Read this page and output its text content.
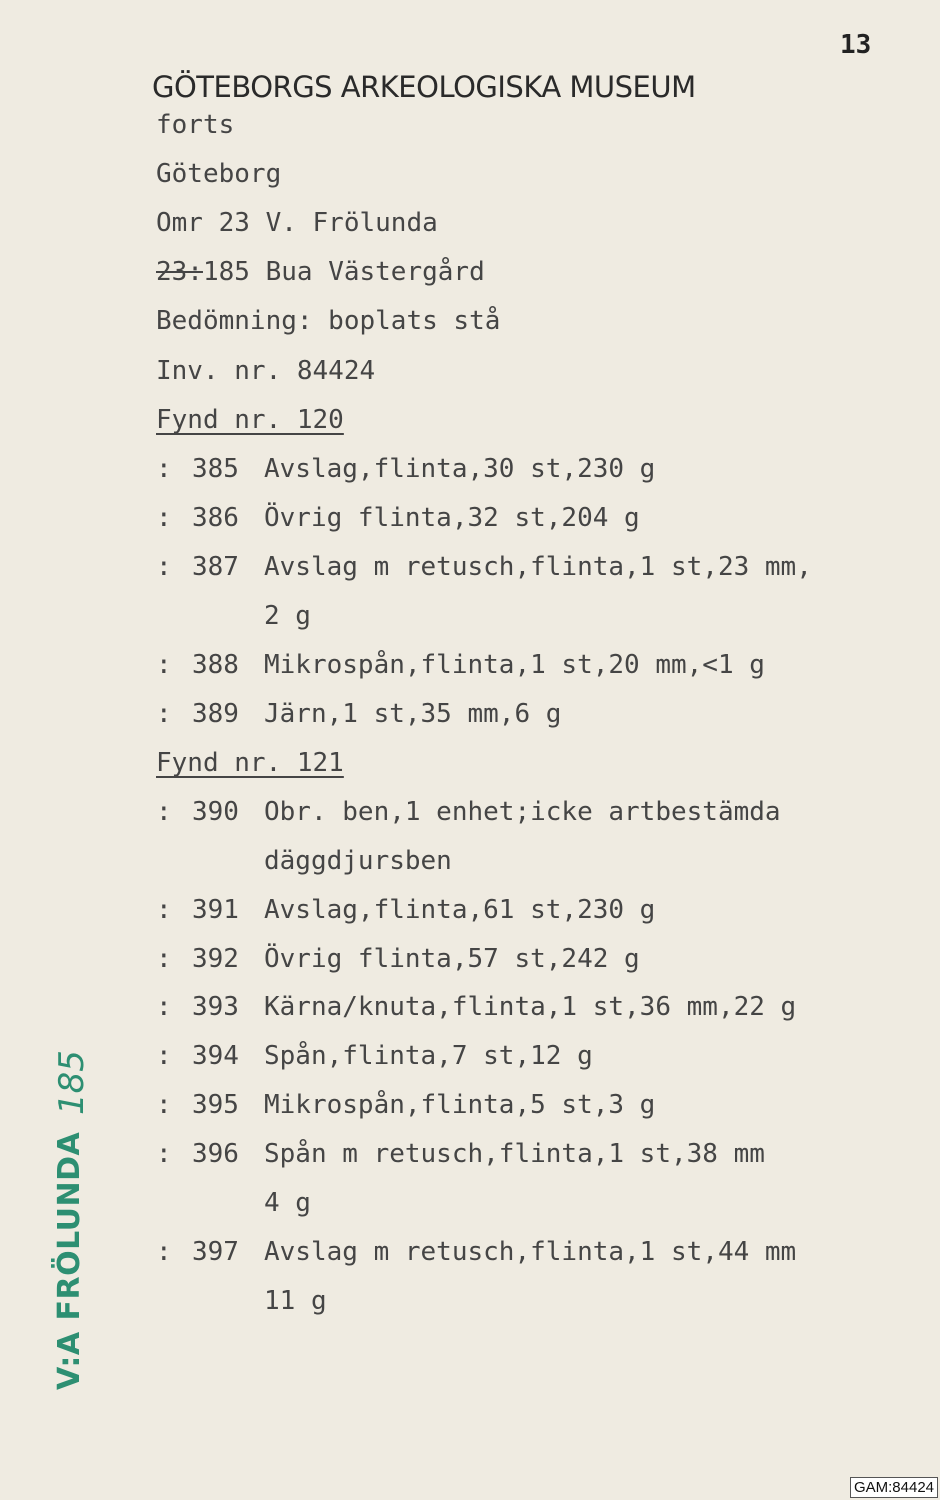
13
GÖTEBORGS ARKEOLOGISKA MUSEUM
forts
Göteborg
Omr 23 V. Frölunda
23:185 Bua Västergård
Bedömning: boplats stå
Inv. nr. 84424
Fynd nr. 120
: 385 Avslag,flinta,30 st,230 g
: 386 Övrig flinta,32 st,204 g
: 387 Avslag m retusch,flinta,1 st,23 mm,
2 g
: 388 Mikrospån,flinta,1 st,20 mm,<1 g
: 389 Järn,1 st,35 mm,6 g
Fynd nr. 121
: 390 Obr. ben,1 enhet;icke artbestämda
däggdjursben
: 391 Avslag,flinta,61 st,230 g
: 392 Övrig flinta,57 st,242 g
: 393 Kärna/knuta,flinta,1 st,36 mm,22 g
: 394 Spån,flinta,7 st,12 g
: 395 Mikrospån,flinta,5 st,3 g
: 396 Spån m retusch,flinta,1 st,38 mm
4 g
: 397 Avslag m retusch,flinta,1 st,44 mm
11 g
V:A FRÖLUNDA
185
GAM:84424
